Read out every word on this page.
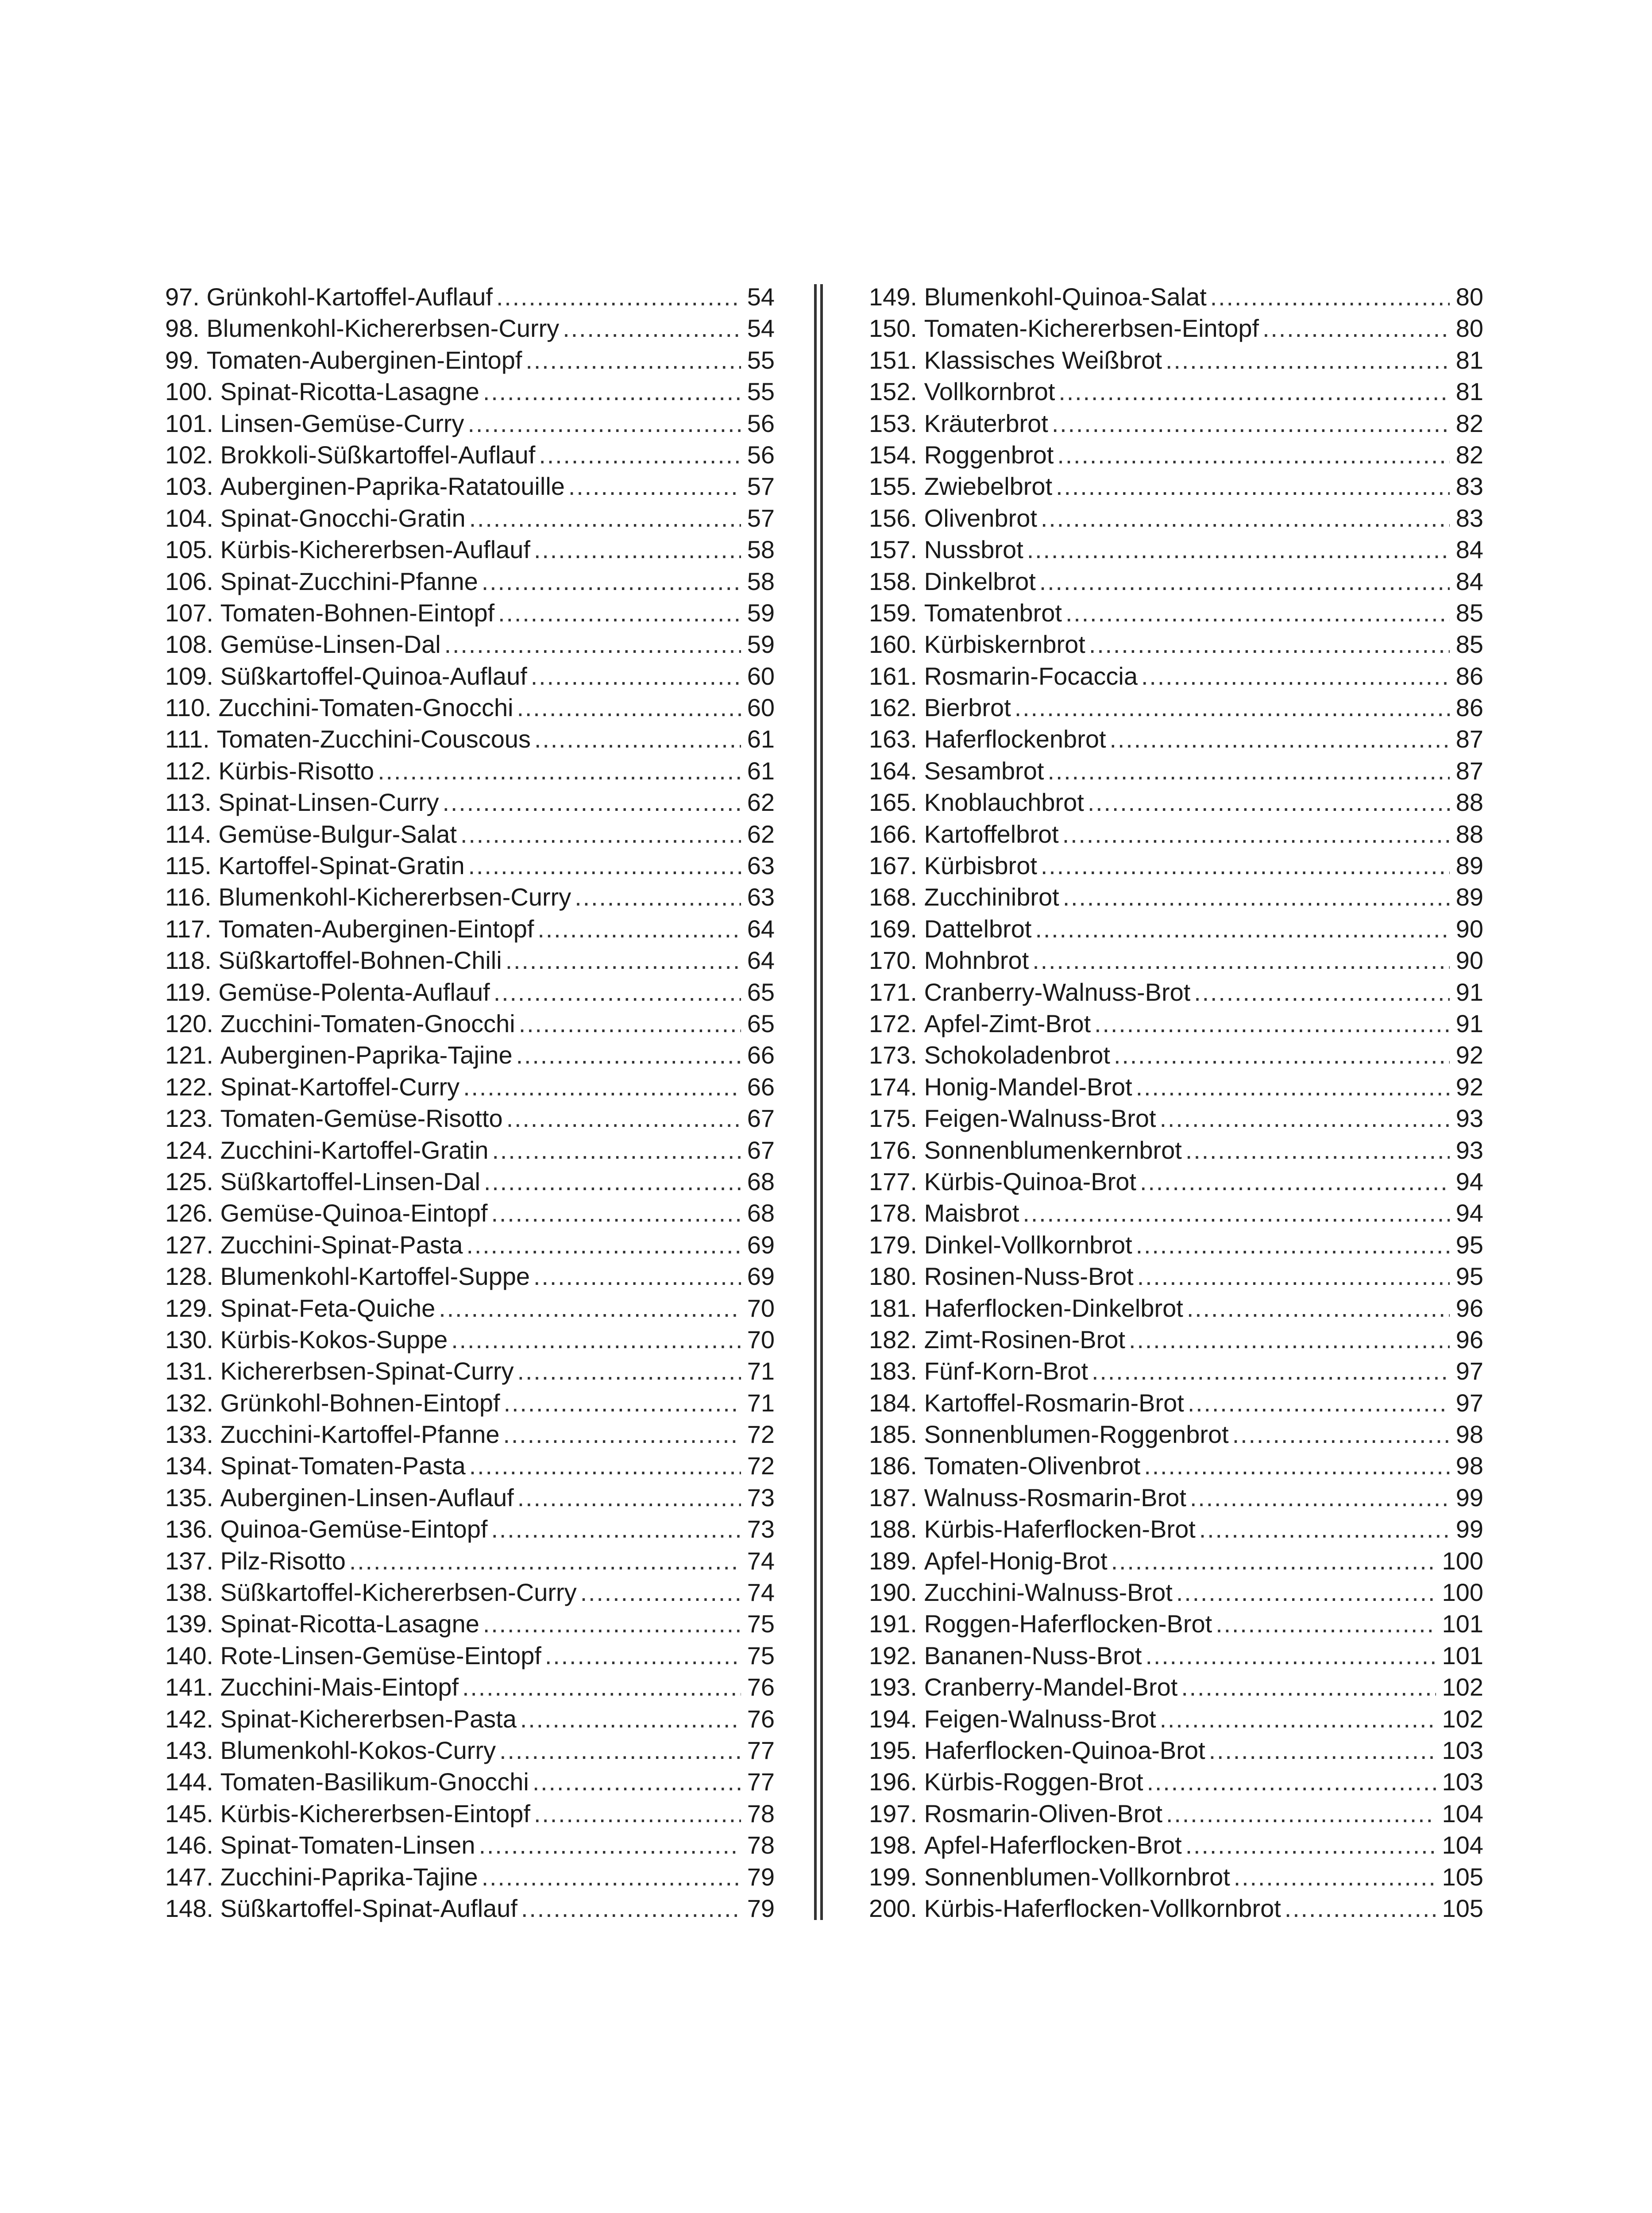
97. Grünkohl-Kartoffel-Auflauf .....	54
98. Blumenkohl-Kichererbsen-Curry .....	54
99. Tomaten-Auberginen-Eintopf .....	55
100. Spinat-Ricotta-Lasagne .....	55
101. Linsen-Gemüse-Curry .....	56
102. Brokkoli-Süßkartoffel-Auflauf .....	56
103. Auberginen-Paprika-Ratatouille .....	57
104. Spinat-Gnocchi-Gratin .....	57
105. Kürbis-Kichererbsen-Auflauf .....	58
106. Spinat-Zucchini-Pfanne .....	58
107. Tomaten-Bohnen-Eintopf .....	59
108. Gemüse-Linsen-Dal .....	59
109. Süßkartoffel-Quinoa-Auflauf .....	60
110. Zucchini-Tomaten-Gnocchi .....	60
111. Tomaten-Zucchini-Couscous .....	61
112. Kürbis-Risotto .....	61
113. Spinat-Linsen-Curry .....	62
114. Gemüse-Bulgur-Salat .....	62
115. Kartoffel-Spinat-Gratin .....	63
116. Blumenkohl-Kichererbsen-Curry .....	63
117. Tomaten-Auberginen-Eintopf .....	64
118. Süßkartoffel-Bohnen-Chili .....	64
119. Gemüse-Polenta-Auflauf .....	65
120. Zucchini-Tomaten-Gnocchi .....	65
121. Auberginen-Paprika-Tajine .....	66
122. Spinat-Kartoffel-Curry .....	66
123. Tomaten-Gemüse-Risotto .....	67
124. Zucchini-Kartoffel-Gratin .....	67
125. Süßkartoffel-Linsen-Dal .....	68
126. Gemüse-Quinoa-Eintopf .....	68
127. Zucchini-Spinat-Pasta .....	69
128. Blumenkohl-Kartoffel-Suppe .....	69
129. Spinat-Feta-Quiche .....	70
130. Kürbis-Kokos-Suppe .....	70
131. Kichererbsen-Spinat-Curry .....	71
132. Grünkohl-Bohnen-Eintopf .....	71
133. Zucchini-Kartoffel-Pfanne .....	72
134. Spinat-Tomaten-Pasta .....	72
135. Auberginen-Linsen-Auflauf .....	73
136. Quinoa-Gemüse-Eintopf .....	73
137. Pilz-Risotto .....	74
138. Süßkartoffel-Kichererbsen-Curry .....	74
139. Spinat-Ricotta-Lasagne .....	75
140. Rote-Linsen-Gemüse-Eintopf .....	75
141. Zucchini-Mais-Eintopf .....	76
142. Spinat-Kichererbsen-Pasta .....	76
143. Blumenkohl-Kokos-Curry .....	77
144. Tomaten-Basilikum-Gnocchi .....	77
145. Kürbis-Kichererbsen-Eintopf .....	78
146. Spinat-Tomaten-Linsen .....	78
147. Zucchini-Paprika-Tajine .....	79
148. Süßkartoffel-Spinat-Auflauf .....	79
149. Blumenkohl-Quinoa-Salat .....	80
150. Tomaten-Kichererbsen-Eintopf .....	80
151. Klassisches Weißbrot .....	81
152. Vollkornbrot .....	81
153. Kräuterbrot .....	82
154. Roggenbrot .....	82
155. Zwiebelbrot .....	83
156. Olivenbrot .....	83
157. Nussbrot .....	84
158. Dinkelbrot .....	84
159. Tomatenbrot .....	85
160. Kürbiskernbrot .....	85
161. Rosmarin-Focaccia .....	86
162. Bierbrot .....	86
163. Haferflockenbrot .....	87
164. Sesambrot .....	87
165. Knoblauchbrot .....	88
166. Kartoffelbrot .....	88
167. Kürbisbrot .....	89
168. Zucchinibrot .....	89
169. Dattelbrot .....	90
170. Mohnbrot .....	90
171. Cranberry-Walnuss-Brot .....	91
172. Apfel-Zimt-Brot .....	91
173. Schokoladenbrot .....	92
174. Honig-Mandel-Brot .....	92
175. Feigen-Walnuss-Brot .....	93
176. Sonnenblumenkernbrot .....	93
177. Kürbis-Quinoa-Brot .....	94
178. Maisbrot .....	94
179. Dinkel-Vollkornbrot .....	95
180. Rosinen-Nuss-Brot .....	95
181. Haferflocken-Dinkelbrot .....	96
182. Zimt-Rosinen-Brot .....	96
183. Fünf-Korn-Brot .....	97
184. Kartoffel-Rosmarin-Brot .....	97
185. Sonnenblumen-Roggenbrot .....	98
186. Tomaten-Olivenbrot .....	98
187. Walnuss-Rosmarin-Brot .....	99
188. Kürbis-Haferflocken-Brot .....	99
189. Apfel-Honig-Brot .....	100
190. Zucchini-Walnuss-Brot .....	100
191. Roggen-Haferflocken-Brot .....	101
192. Bananen-Nuss-Brot .....	101
193. Cranberry-Mandel-Brot .....	102
194. Feigen-Walnuss-Brot .....	102
195. Haferflocken-Quinoa-Brot .....	103
196. Kürbis-Roggen-Brot .....	103
197. Rosmarin-Oliven-Brot .....	104
198. Apfel-Haferflocken-Brot .....	104
199. Sonnenblumen-Vollkornbrot .....	105
200. Kürbis-Haferflocken-Vollkornbrot .....	105
